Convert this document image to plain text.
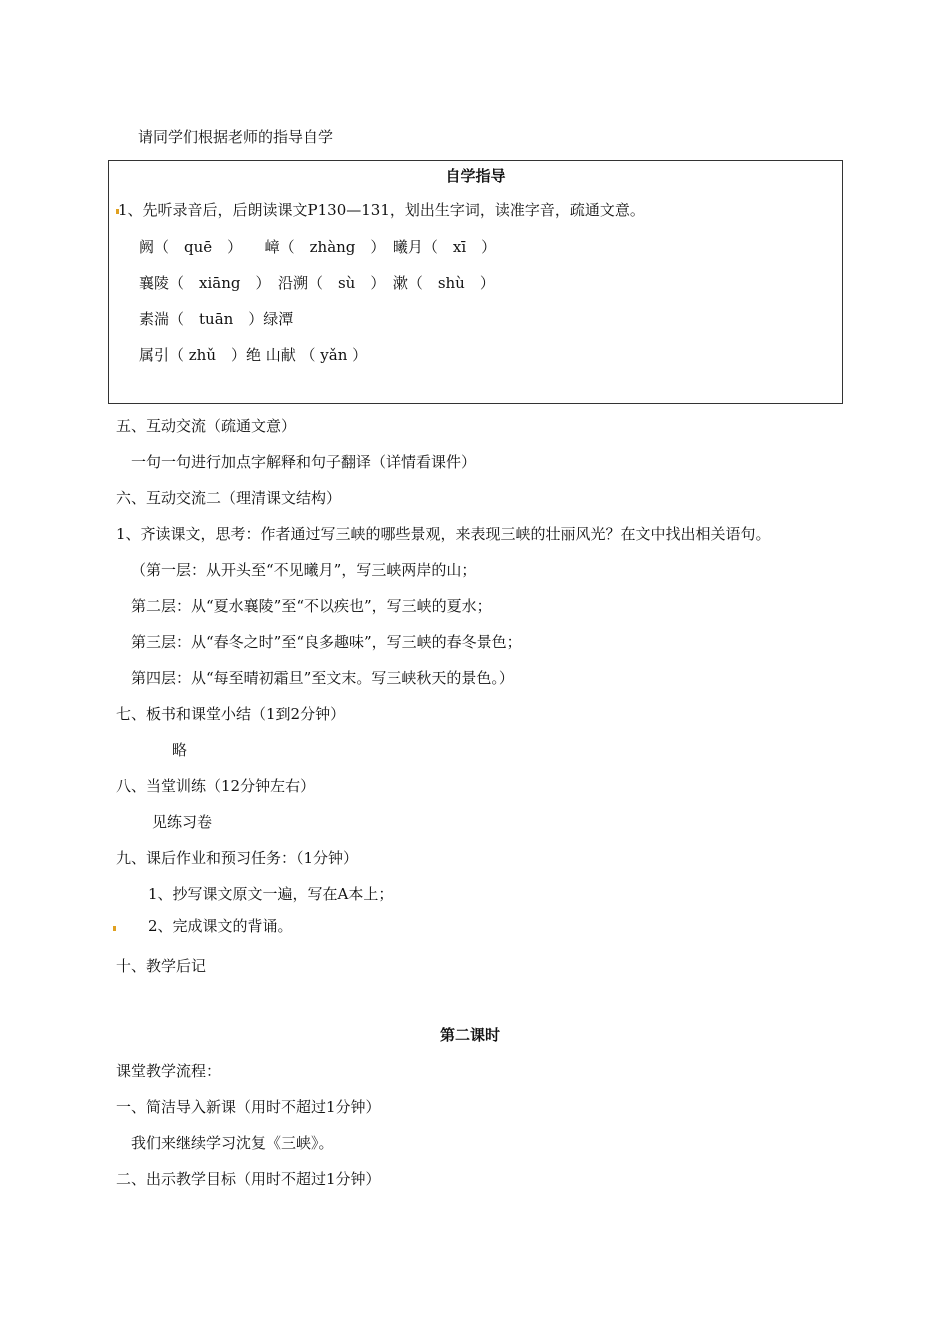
请同学们根据老师的指导自学
自学指导
1、先听录音后，后朗读课文P130—131，划出生字词，读准字音，疏通文意。
阙（　quē　）　　嶂（　zhàng　）　曦月（　xī　）
襄陵（　xiāng　）　沿溯（　sù　）　漱（　shù　）
素湍（　tuān　）绿潭
属引（ zhǔ　）绝 山献 （ yǎn ）
五、互动交流（疏通文意）
一句一句进行加点字解释和句子翻译（详情看课件）
六、互动交流二（理清课文结构）
1、齐读课文，思考：作者通过写三峡的哪些景观，来表现三峡的壮丽风光？在文中找出相关语句。
（第一层：从开头至“不见曦月”，写三峡两岸的山；
第二层：从“夏水襄陵”至“不以疾也”，写三峡的夏水；
第三层：从“春冬之时”至“良多趣味”，写三峡的春冬景色；
第四层：从“每至晴初霜旦”至文末。写三峡秋天的景色。）
七、板书和课堂小结（1到2分钟）
略
八、当堂训练（12分钟左右）
见练习卷
九、课后作业和预习任务：（1分钟）
1、抄写课文原文一遍，写在A本上；
2、完成课文的背诵。
十、教学后记
第二课时
课堂教学流程：
一、简洁导入新课（用时不超过1分钟）
我们来继续学习沈复《三峡》。
二、出示教学目标（用时不超过1分钟）
